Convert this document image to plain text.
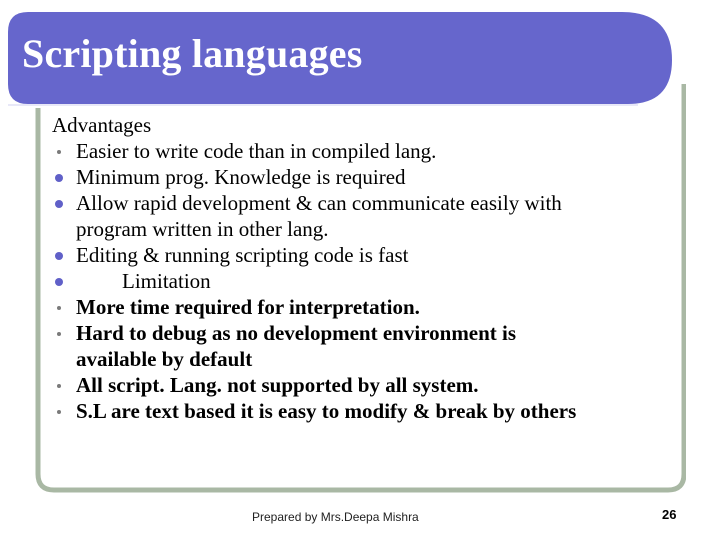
Scripting languages
Advantages
Easier to write code than in compiled lang.
Minimum prog. Knowledge is required
Allow rapid development & can communicate easily with
program written in other lang.
Editing & running scripting code is fast
Limitation
More time required for interpretation.
Hard to debug as no development environment is
available by default
All script. Lang. not supported by all system.
S.L are text based it is easy to modify & break by others
Prepared by Mrs.Deepa Mishra	26
